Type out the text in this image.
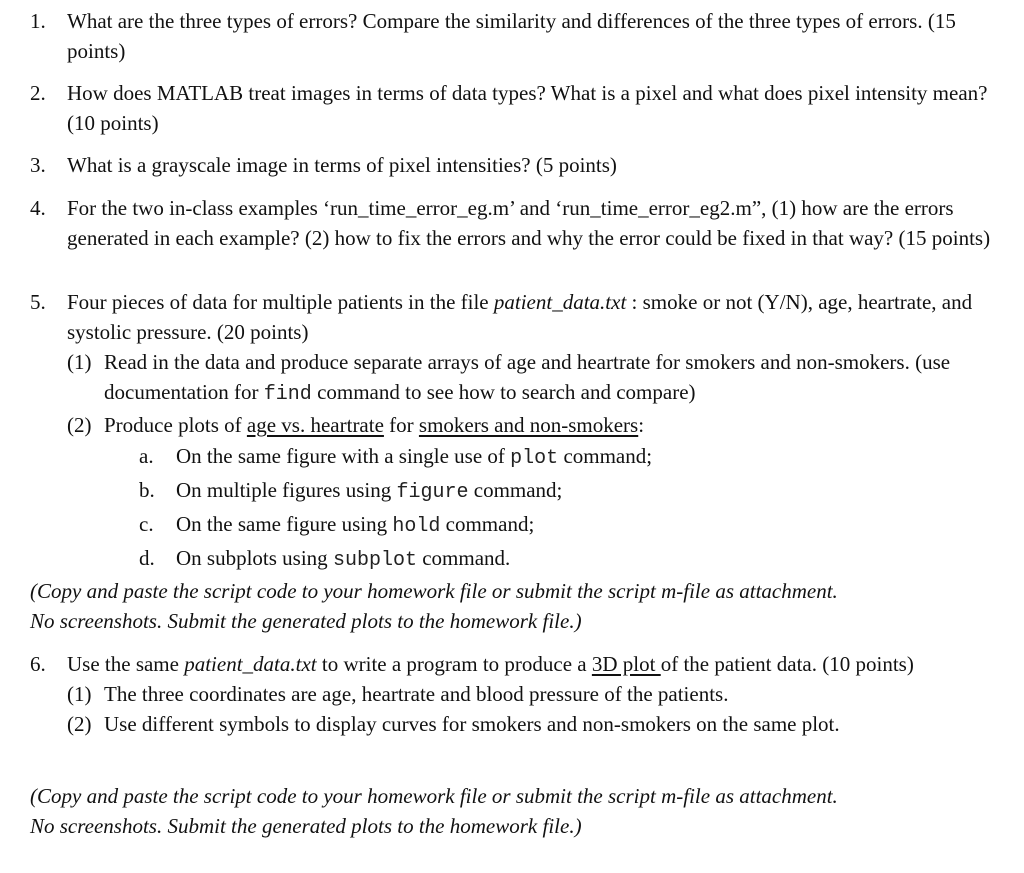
1.	What are the three types of errors? Compare the similarity and differences of the three types of errors. (15 points)
2.	How does MATLAB treat images in terms of data types? What is a pixel and what does pixel intensity mean? (10 points)
3.	What is a grayscale image in terms of pixel intensities? (5 points)
4.	For the two in-class examples ‘run_time_error_eg.m’ and ‘run_time_error_eg2.m”, (1) how are the errors generated in each example? (2) how to fix the errors and why the error could be fixed in that way? (15 points)
5.	Four pieces of data for multiple patients in the file patient_data.txt : smoke or not (Y/N), age, heartrate, and systolic pressure. (20 points)
(1) Read in the data and produce separate arrays of age and heartrate for smokers and non-smokers. (use documentation for find command to see how to search and compare)
(2) Produce plots of age vs. heartrate for smokers and non-smokers:
a.	On the same figure with a single use of plot command;
b.	On multiple figures using figure command;
c.	On the same figure using hold command;
d.	On subplots using subplot command.
(Copy and paste the script code to your homework file or submit the script m-file as attachment.
No screenshots. Submit the generated plots to the homework file.)
6.	Use the same patient_data.txt to write a program to produce a 3D plot of the patient data. (10 points)
(1) The three coordinates are age, heartrate and blood pressure of the patients.
(2) Use different symbols to display curves for smokers and non-smokers on the same plot.
(Copy and paste the script code to your homework file or submit the script m-file as attachment.
No screenshots. Submit the generated plots to the homework file.)
